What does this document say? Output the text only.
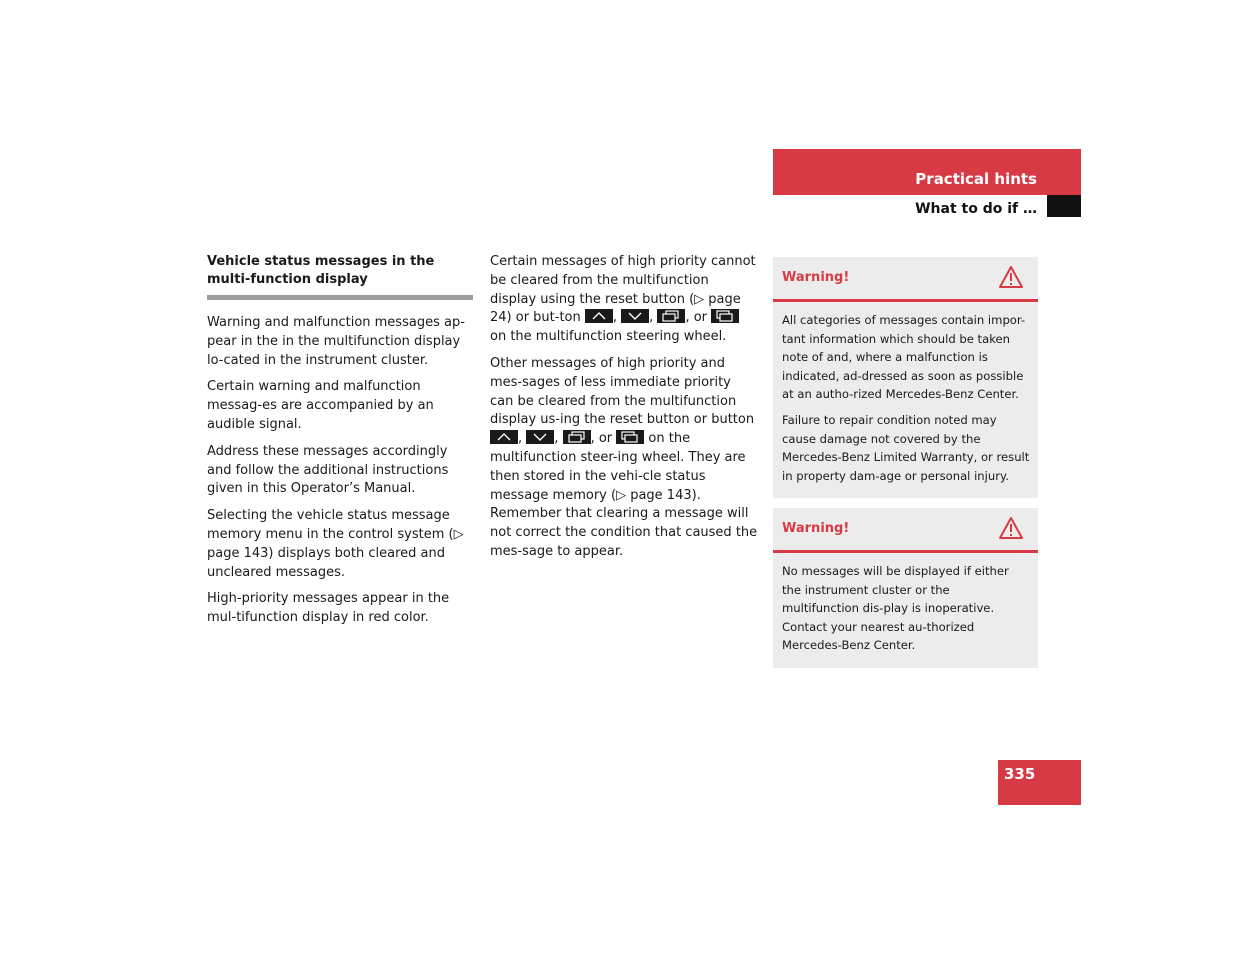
Practical hints
What to do if …
Vehicle status messages in the multi-function display

Warning and malfunction messages ap-pear in the in the multifunction display lo-cated in the instrument cluster.

Certain warning and malfunction messag-es are accompanied by an audible signal.

Address these messages accordingly and follow the additional instructions given in this Operator’s Manual.

Selecting the vehicle status message memory menu in the control system (▷ page 143) displays both cleared and uncleared messages.

High-priority messages appear in the mul-tifunction display in red color.

Certain messages of high priority cannot be cleared from the multifunction display using the reset button (▷ page 24) or but-ton , , , or
on the multifunction steering wheel.

Other messages of high priority and mes-sages of less immediate priority can be cleared from the multifunction display us-ing the reset button or button
, , , or	on the multifunction steer-ing wheel. They are then stored in the vehi-cle status message memory (▷ page 143). Remember that clearing a message will not correct the condition that caused the mes-sage to appear.

Warning!

All categories of messages contain impor-tant information which should be taken note of and, where a malfunction is indicated, ad-dressed as soon as possible at an autho-rized Mercedes-Benz Center.

Failure to repair condition noted may cause damage not covered by the Mercedes-Benz Limited Warranty, or result in property dam-age or personal injury.

Warning!

No messages will be displayed if either the instrument cluster or the multifunction dis-play is inoperative. Contact your nearest au-thorized Mercedes-Benz Center.

335
